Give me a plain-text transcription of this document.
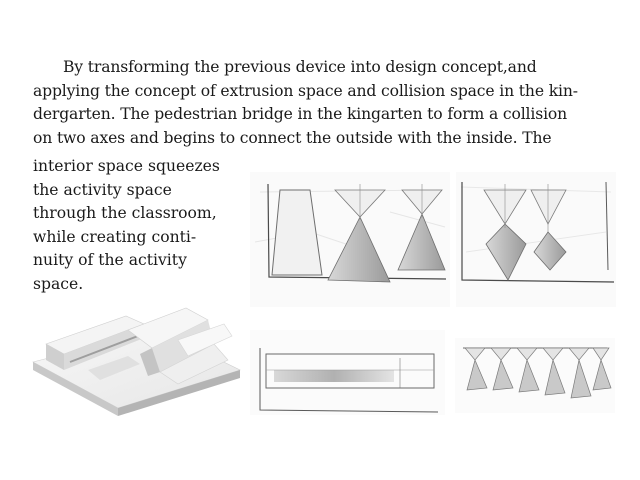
By transforming the previous device into design concept,and
applying the concept of extrusion space and collision space in the kin-
dergarten. The pedestrian bridge in the kingarten to form a collision
on two axes and begins to connect the outside with the inside. The

interior space squeezes
the activity space
through the classroom,
while creating conti-
nuity of the activity
space.
